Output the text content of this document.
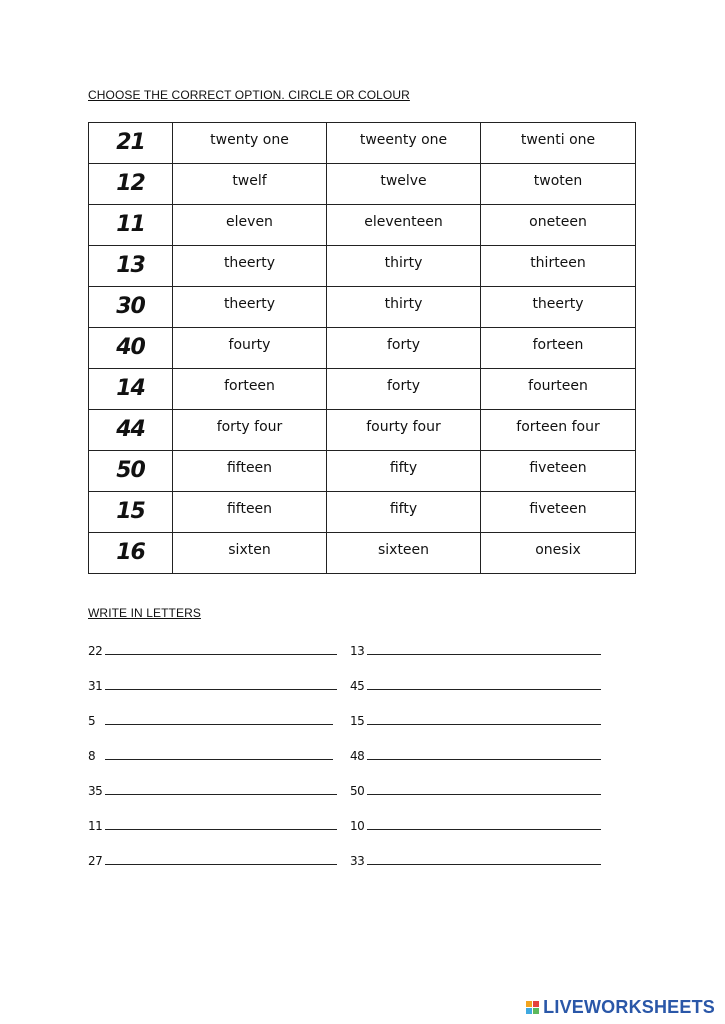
CHOOSE THE CORRECT OPTION. CIRCLE OR COLOUR
21	twenty one	tweenty one	twenti one
12	twelf	twelve	twoten
11	eleven	eleventeen	oneteen
13	theerty	thirty	thirteen
30	theerty	thirty	theerty
40	fourty	forty	forteen
14	forteen	forty	fourteen
44	forty four	fourty four	forteen four
50	fifteen	fifty	fiveteen
15	fifteen	fifty	fiveteen
16	sixten	sixteen	onesix
WRITE IN LETTERS
22
31
5
8
35
11
27
13
45
15
48
50
10
33
LIVEWORKSHEETS
